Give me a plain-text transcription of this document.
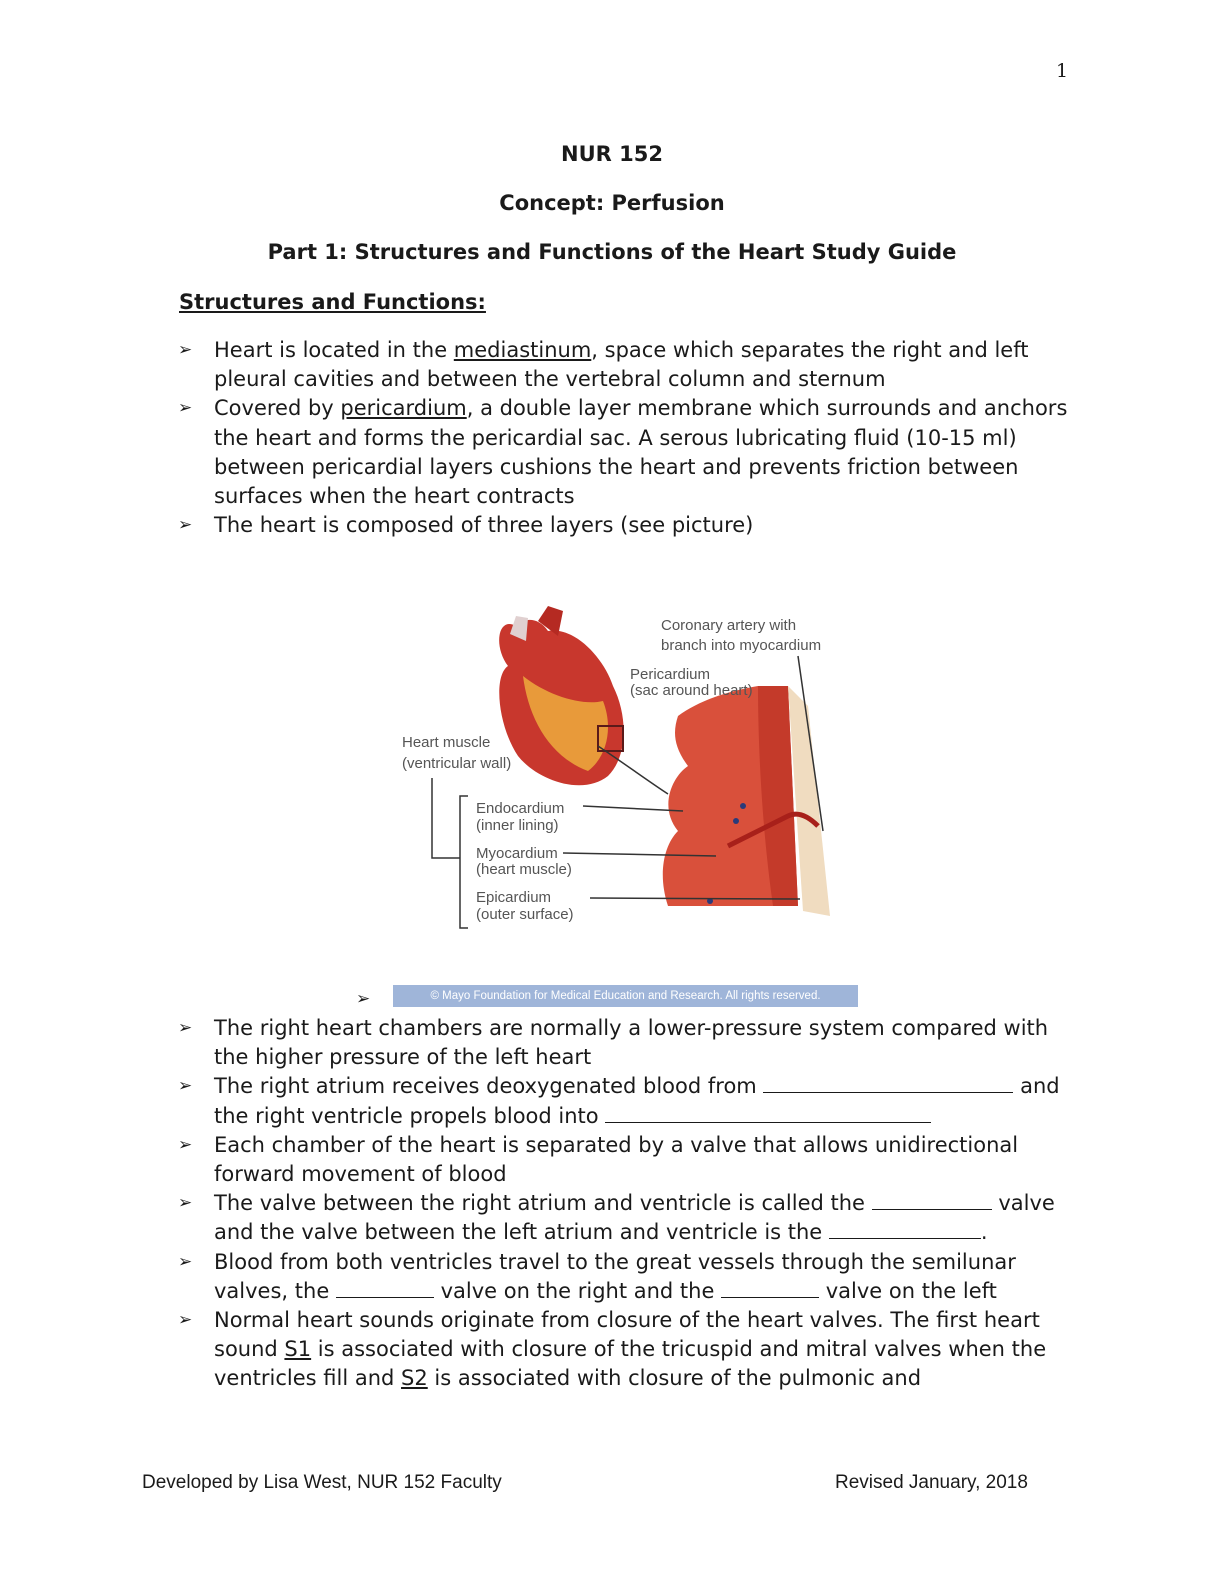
1
NUR 152
Concept: Perfusion
Part 1: Structures and Functions of the Heart Study Guide
Structures and Functions:
➢ Heart is located in the mediastinum, space which separates the right and left pleural cavities and between the vertebral column and sternum
➢ Covered by pericardium, a double layer membrane which surrounds and anchors the heart and forms the pericardial sac. A serous lubricating fluid (10-15 ml) between pericardial layers cushions the heart and prevents friction between surfaces when the heart contracts
➢ The heart is composed of three layers (see picture)
Coronary artery with
branch into myocardium
Pericardium
(sac around heart)
Heart muscle
(ventricular wall)
Endocardium
(inner lining)
Myocardium
(heart muscle)
Epicardium
(outer surface)
➢	© Mayo Foundation for Medical Education and Research. All rights reserved.
➢ The right heart chambers are normally a lower-pressure system compared with the higher pressure of the left heart
➢ The right atrium receives deoxygenated blood from	and the right ventricle propels blood into
➢ Each chamber of the heart is separated by a valve that allows unidirectional forward movement of blood
➢ The valve between the right atrium and ventricle is called the	valve and the valve between the left atrium and ventricle is the	.
➢ Blood from both ventricles travel to the great vessels through the semilunar valves, the	valve on the right and the	valve on the left
➢ Normal heart sounds originate from closure of the heart valves. The first heart sound S1 is associated with closure of the tricuspid and mitral valves when the ventricles fill and S2 is associated with closure of the pulmonic and
Developed by Lisa West, NUR 152 Faculty	Revised January, 2018
